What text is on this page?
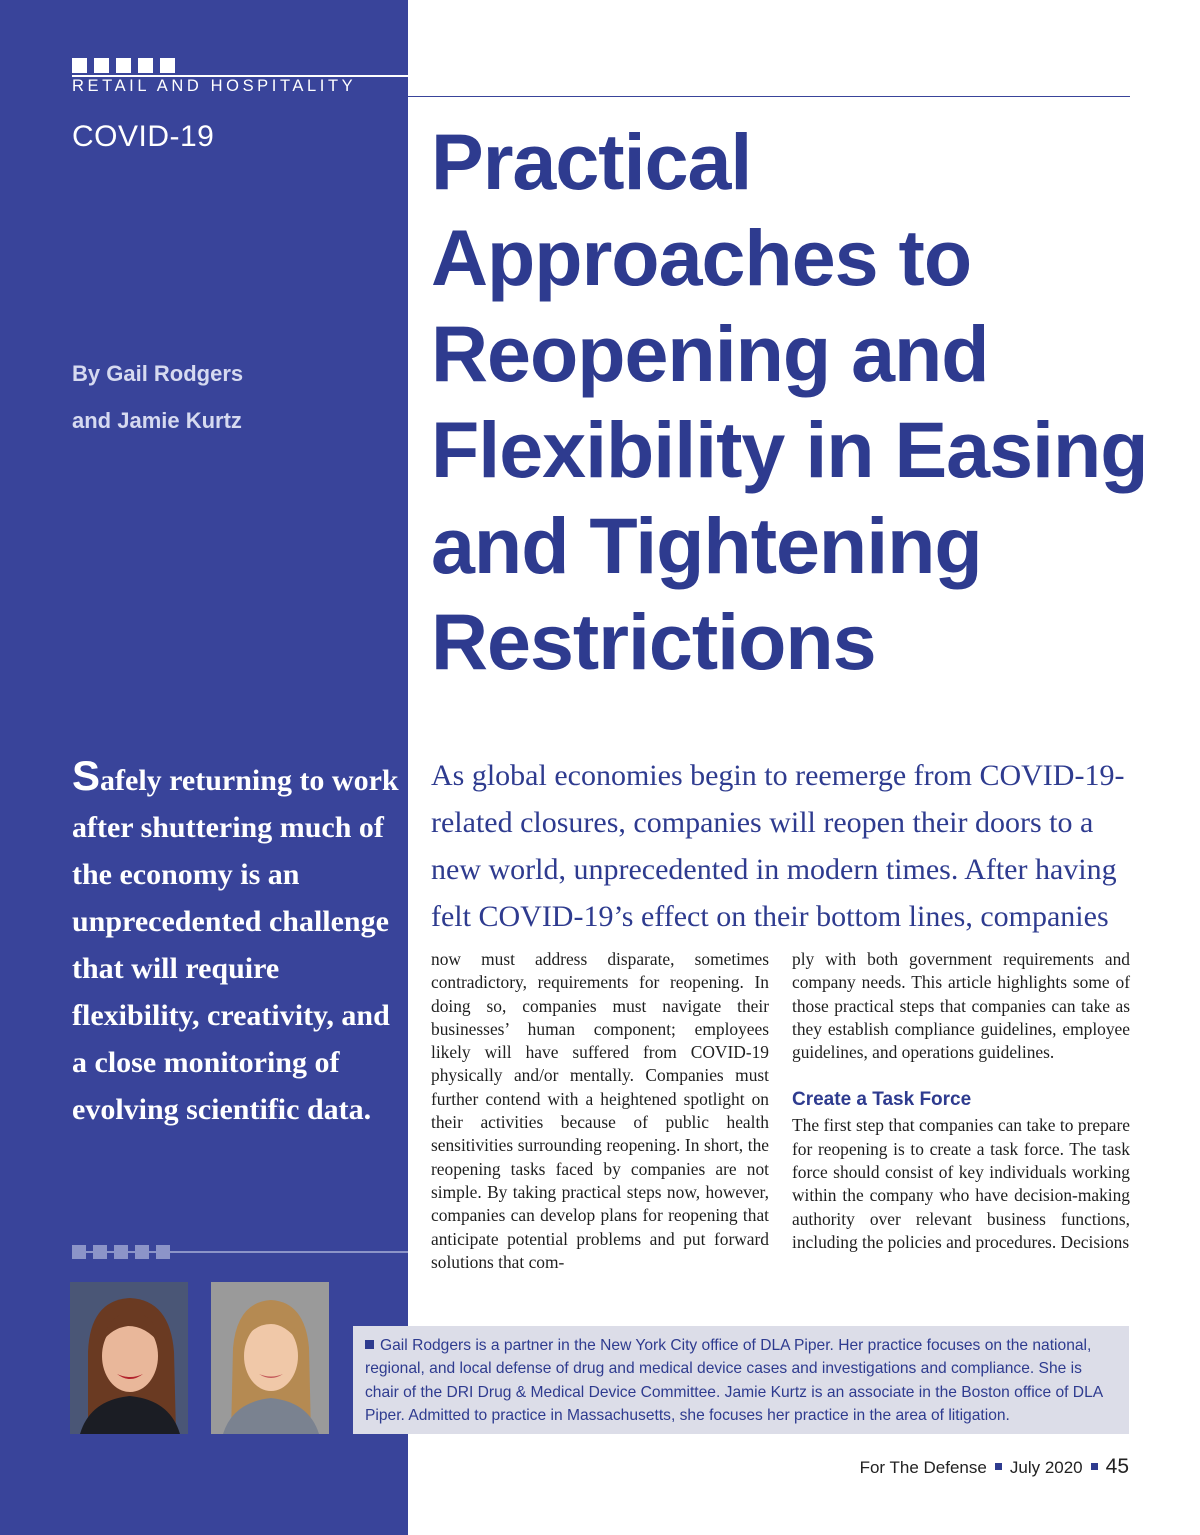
RETAIL AND HOSPITALITY
COVID-19
By Gail Rodgers
and Jamie Kurtz
Practical
Approaches to
Reopening and
Flexibility in Easing
and Tightening
Restrictions
Safely returning to work after shuttering much of the economy is an unprecedented challenge that will require flexibility, creativity, and a close monitoring of evolving scientific data.
As global economies begin to reemerge from COVID-19-related closures, companies will reopen their doors to a new world, unprecedented in modern times. After having felt COVID-19’s effect on their bottom lines, companies

now must address disparate, sometimes contradictory, requirements for reopening. In doing so, companies must navigate their businesses’ human component; employees likely will have suffered from COVID-19 physically and/or mentally. Companies must further contend with a heightened spotlight on their activities because of public health sensitivities surrounding reopening. In short, the reopening tasks faced by companies are not simple. By taking practical steps now, however, companies can develop plans for reopening that anticipate potential problems and put forward solutions that com-

ply with both government requirements and company needs. This article highlights some of those practical steps that companies can take as they establish compliance guidelines, employee guidelines, and operations guidelines.

Create a Task Force

The first step that companies can take to prepare for reopening is to create a task force. The task force should consist of key individuals working within the company who have decision-making authority over relevant business functions, including the policies and procedures. Decisions

Gail Rodgers is a partner in the New York City office of DLA Piper. Her practice focuses on the national, regional, and local defense of drug and medical device cases and investigations and compliance. She is chair of the DRI Drug & Medical Device Committee. Jamie Kurtz is an associate in the Boston office of DLA Piper. Admitted to practice in Massachusetts, she focuses her practice in the area of litigation.
For The Defense July 2020 45
